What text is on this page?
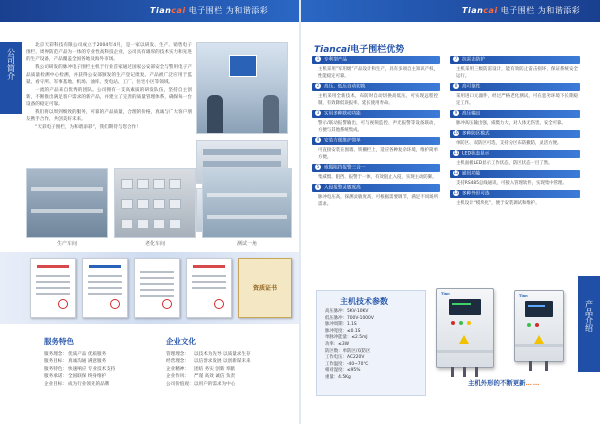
Tiancai 电子围栏 为和谐添彩	Tiancai 电子围栏 为和谐添彩
公司简介
产品介绍

北京天彩科技有限公司成立于2004年4月，是一家以研发、生产、销售电子围栏、周界防范产品为一体的专业性高科技企业，公司具有雄厚的技术实力和先进的生产设备，产品覆盖全国各地及海外市场。

我公司研发的脉冲电子围栏主机于行业首家通过国家公安部安全与警用电子产品质量检测中心检测，并获得公安部颁发的生产登记批复。产品被广泛应用于监狱、看守所、军事基地、机场、油库、变电站、工厂、住宅小区等领域。

一流的产品来自优秀的团队。公司拥有一支高素质的研发队伍，坚持自主创新，不断推出满足客户需求的新产品，并建立了完善的质量管理体系，确保每一台设备的稳定可靠。

我们将以周到细致的服务，可靠的产品质量，合理的价格，真诚与广大客户朋友携手合作，共创美好未来。

“天彩电子围栏，为和谐添彩”，我们期待与您合作！

生产车间	老化车间	测试一角
资质证书
服务特色
服务理念：优质产品 优质服务
服务目标：真诚沟通 满意服务
服务特色：快速响应 专业技术支持
服务承诺：全国联保 终身维护
企业目标：成为行业领先的品牌
企业文化
管理理念： 以技术为先导 以质量求生存
经营理念： 以信誉求发展 以创新谋未来
企业精神： 团结 务实 创新 奉献
企业作风： 严谨 高效 诚信 负责
公司价值观：以用户的需求为中心
Tiancai电子围栏优势
1 专利型产品
主机采用“军用级”产品设计和生产，具有多项自主知识产权，性能稳定可靠。
2 高压、低压自动切换
主机采用全新技术，布防时自动切换高低压，可实现远程控制，有效降低误报率，延长使用寿命。
3 实用多种联动功能
警示/联动报警输出，可与视频监控、声光报警等设备联动，方便与其他系统集成。
4 安装方便维护简单
可直接安装在围墙、铁栅栏上，适应各种复杂环境，维护简单方便。
5 威慑阻挡报警三合一
集威慑、阻挡、报警于一体，有效阻止入侵，实现主动防御。
6 入侵报警灵敏度高
脉冲电压高，探测灵敏度高，可根据需要调节，满足不同场所需求。
7 抗雷击防护
主机采用三级防雷设计，能有效防止雷击损坏，保证系统安全运行。
8 高可靠性
采用进口元器件，经过严格老化测试，可在恶劣环境下长期稳定工作。
9 高压输出
脉冲高压输出强，威慑力大，对人体无伤害，安全可靠。
10 多种防区模式
单防区、双防区可选，支持分区布防撤防，灵活方便。
11 LED状态显示
主机面板LED显示工作状态，防区状态一目了然。
12 通讯功能
支持RS485总线通讯，可接入管理软件，实现集中管理。
13 多种外形可选
主机设计“模块化”，便于安装调试和维护。
高压脉冲：5KV-10KV
低压脉冲：700V-1000V
脉冲周期：1.1S
脉冲宽度：≤0.1S
单脉冲能量：≤2.5mJ
功率：≤3W
防区数：单防区/双防区
工作电压：AC220V
工作温度：-40~70℃
相对湿度：≤95%
重量：4.5Kg
主机技术参数
Tian	Tian
主机外形的不断更新……
